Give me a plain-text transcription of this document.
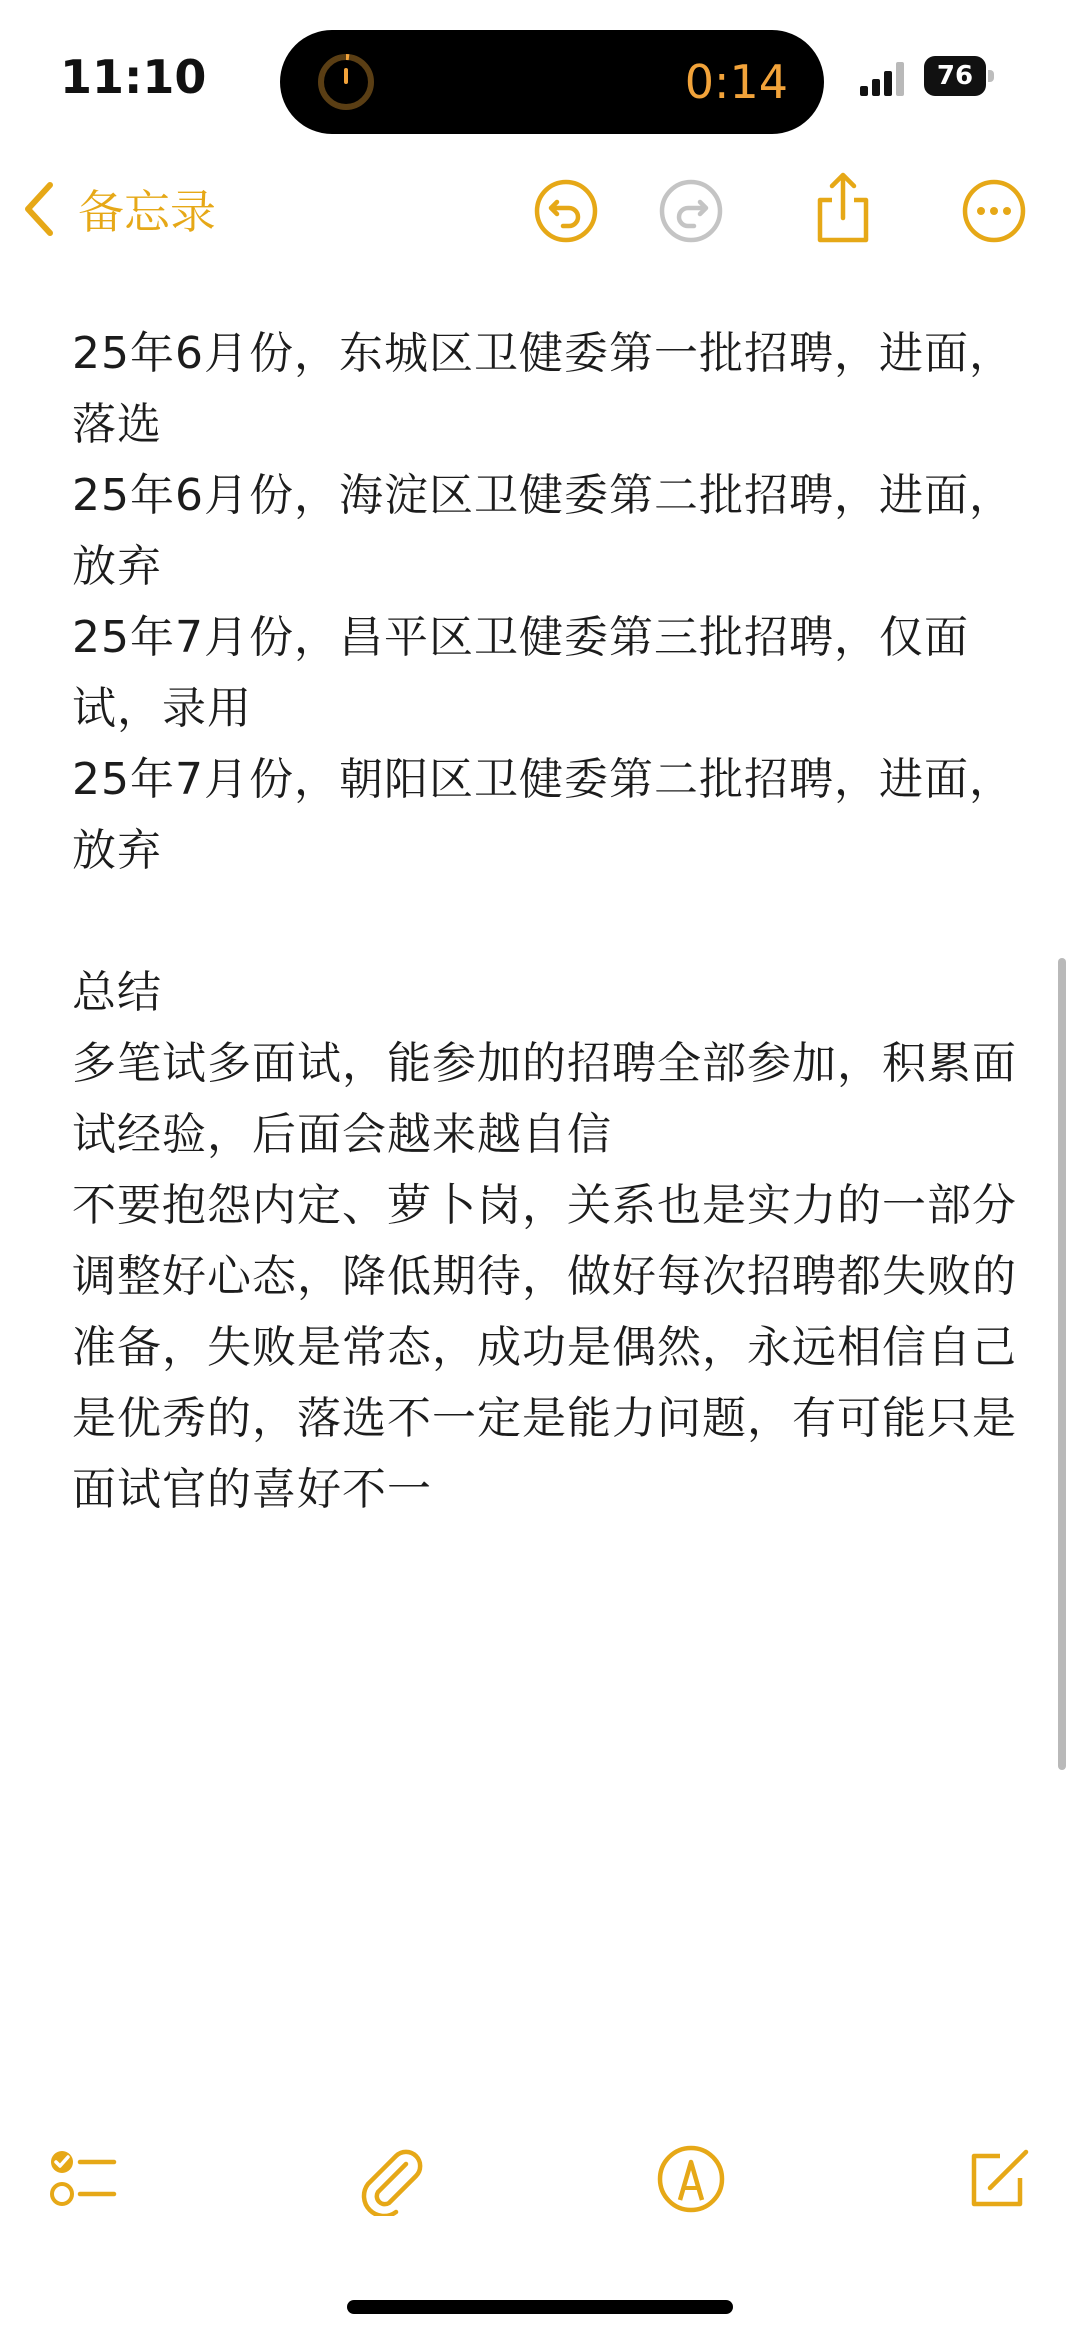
11:10	0:14	76
备忘录
25年6月份，东城区卫健委第一批招聘，进面，落选
25年6月份，海淀区卫健委第二批招聘，进面，放弃
25年7月份，昌平区卫健委第三批招聘，仅面试，录用
25年7月份，朝阳区卫健委第二批招聘，进面，放弃
总结
多笔试多面试，能参加的招聘全部参加，积累面试经验，后面会越来越自信
不要抱怨内定、萝卜岗，关系也是实力的一部分
调整好心态，降低期待，做好每次招聘都失败的准备，失败是常态，成功是偶然，永远相信自己是优秀的，落选不一定是能力问题，有可能只是面试官的喜好不一
